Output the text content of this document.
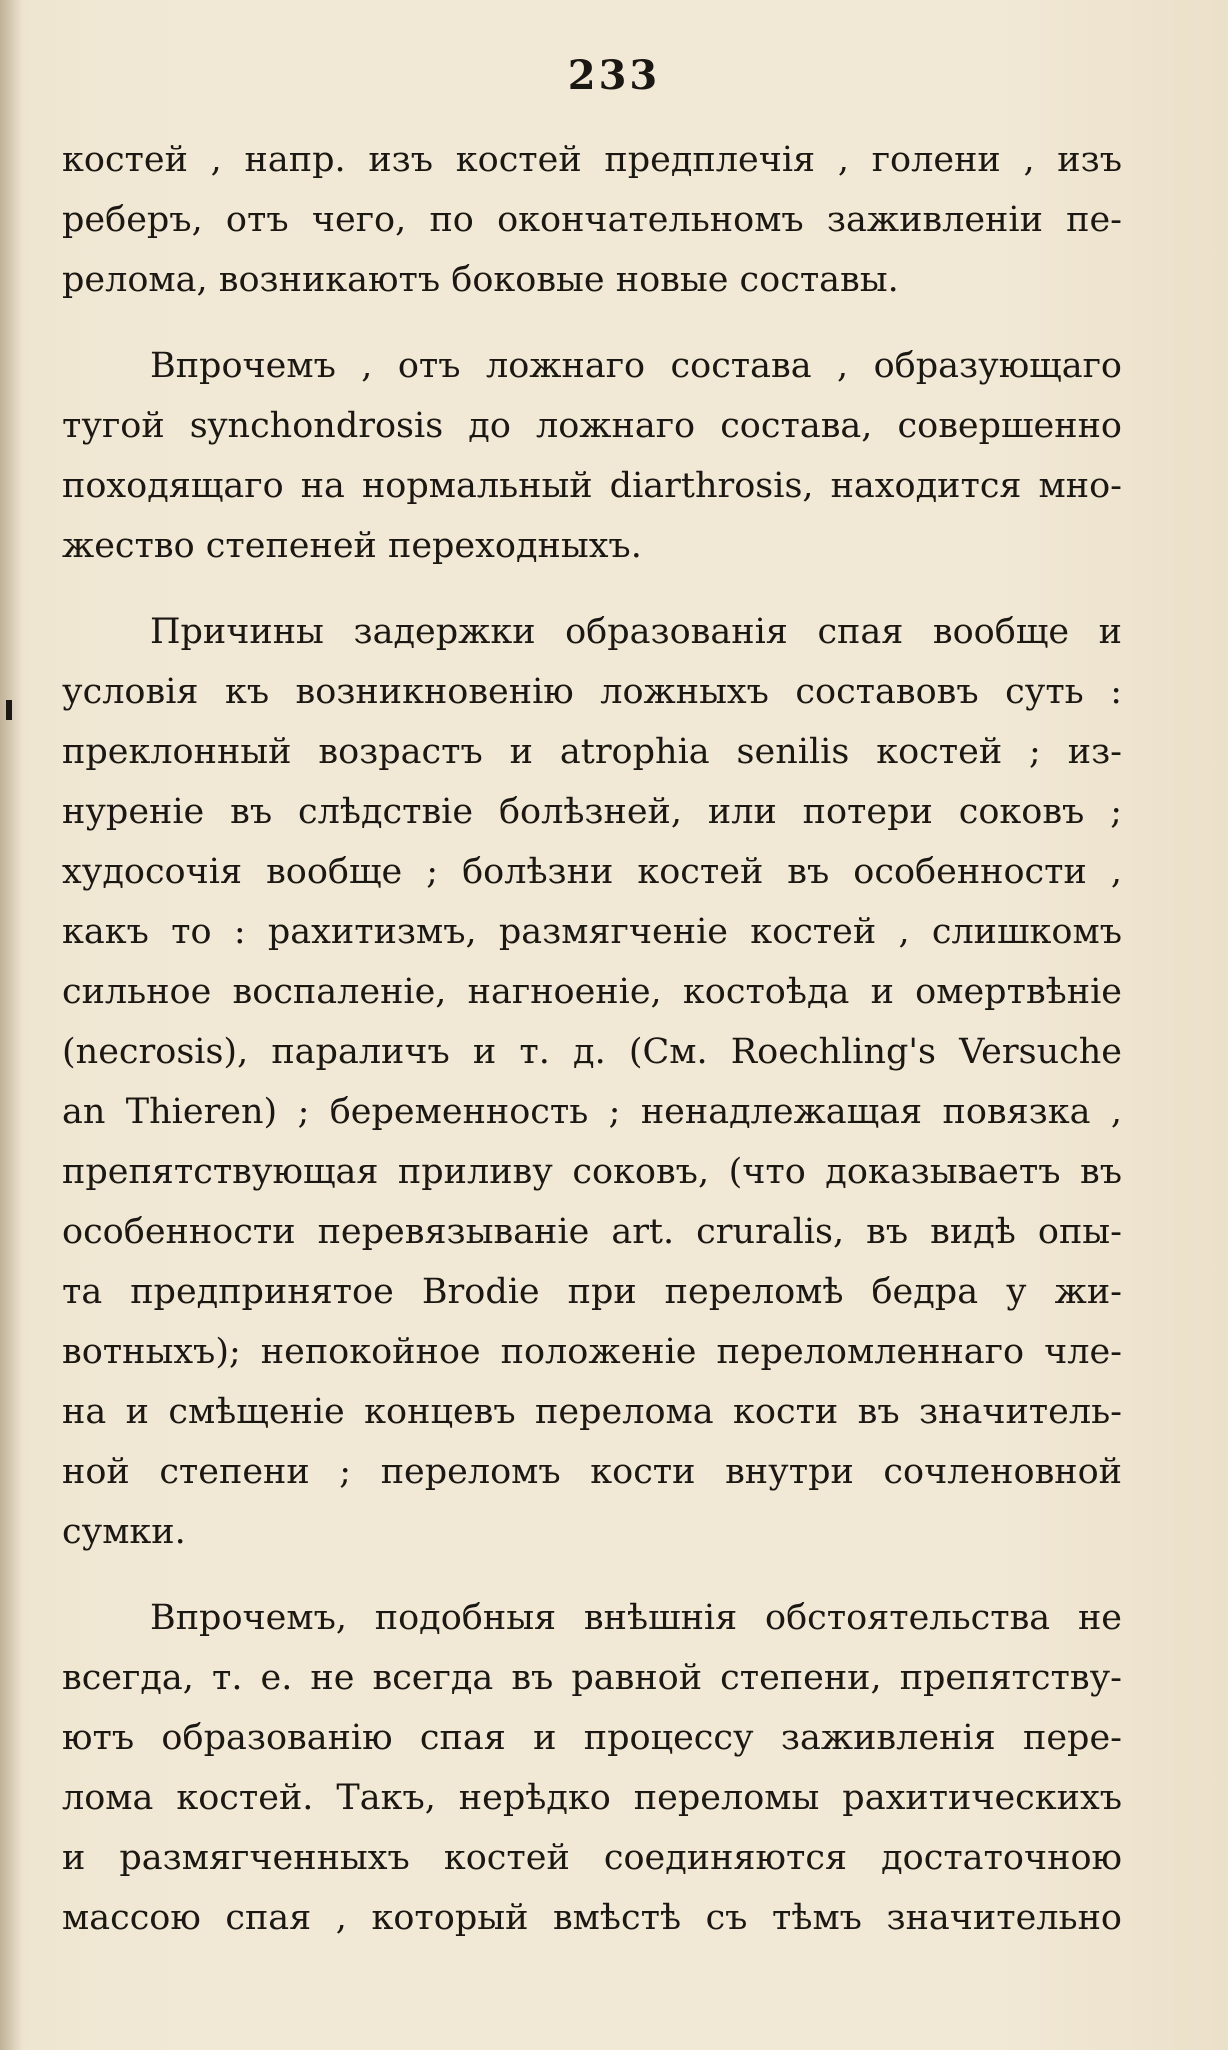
233
костей , напр. изъ костей предплечія , голени , изъ
реберъ, отъ чего, по окончательномъ заживленіи пе-
релома, возникаютъ боковые новые составы.
Впрочемъ , отъ ложнаго состава , образующаго
тугой synchondrosis до ложнаго состава, совершенно
походящаго на нормальный diarthrosis, находится мно-
жество степеней переходныхъ.
Причины задержки образованія спая вообще и
условія къ возникновенію ложныхъ составовъ суть :
преклонный возрастъ и atrophia senilis костей ; из-
нуреніе въ слѣдствіе болѣзней, или потери соковъ ;
худосочія вообще ; болѣзни костей въ особенности ,
какъ то : рахитизмъ, размягченіе костей , слишкомъ
сильное воспаленіе, нагноеніе, костоѣда и омертвѣніе
(necrosis), параличъ и т. д. (См. Roechling's Versuche
an Thieren) ; беременность ; ненадлежащая повязка ,
препятствующая приливу соковъ, (что доказываетъ въ
особенности перевязываніе art. cruralis, въ видѣ опы-
та предпринятое Brodie при переломѣ бедра у жи-
вотныхъ); непокойное положеніе переломленнаго чле-
на и смѣщеніе концевъ перелома кости въ значитель-
ной степени ; переломъ кости внутри сочленовной
сумки.
Впрочемъ, подобныя внѣшнія обстоятельства не
всегда, т. е. не всегда въ равной степени, препятству-
ютъ образованію спая и процессу заживленія пере-
лома костей. Такъ, нерѣдко переломы рахитическихъ
и размягченныхъ костей соединяются достаточною
массою спая , который вмѣстѣ съ тѣмъ значительно
